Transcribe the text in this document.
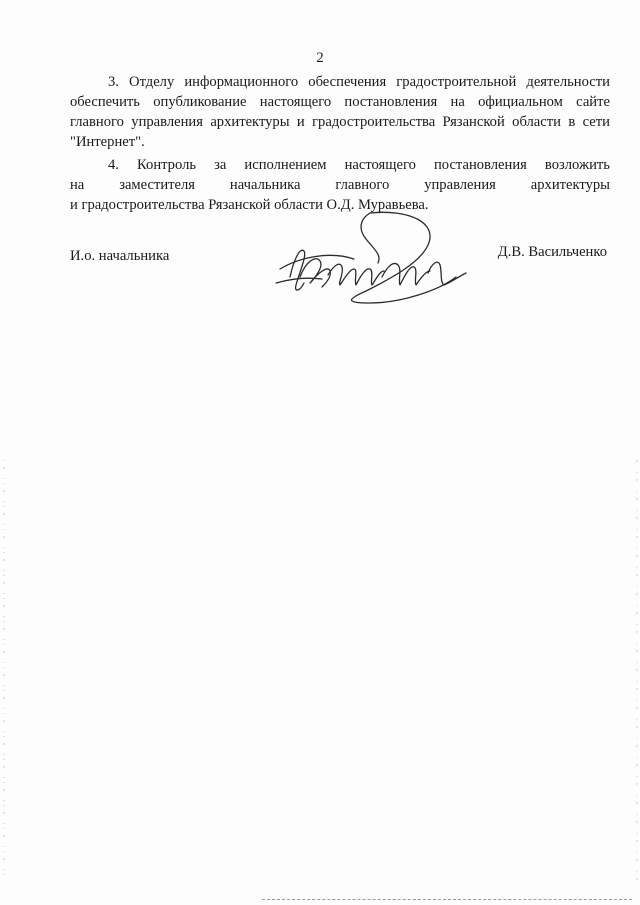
2
3. Отделу информационного обеспечения градостроительной деятельности
обеспечить опубликование настоящего постановления на официальном сайте
главного управления архитектуры и градостроительства Рязанской области в сети
"Интернет".
4. Контроль за исполнением настоящего постановления возложить
на заместителя начальника главного управления архитектуры
и градостроительства Рязанской области О.Д. Муравьева.
И.о. начальника	Д.В. Васильченко
